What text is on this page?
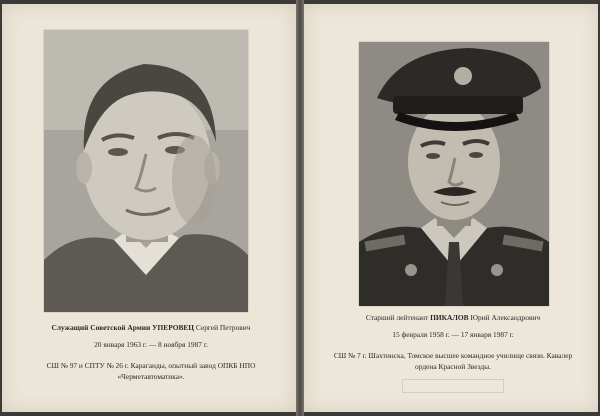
Служащий Советской Армии УПЕРОВЕЦ Сергей Петрович

20 января 1963 г. — 8 ноября 1987 г.

СШ № 97 и СПТУ № 26 г. Караганды, опытный завод ОПКБ НПО «Черметавтоматика».

Старший лейтенант ПИКАЛОВ Юрий Александрович

15 февраля 1958 г. — 17 января 1987 г.

СШ № 7 г. Шахтинска, Томское высшее командное училище связи. Кавалер ордена Красной Звезды.
